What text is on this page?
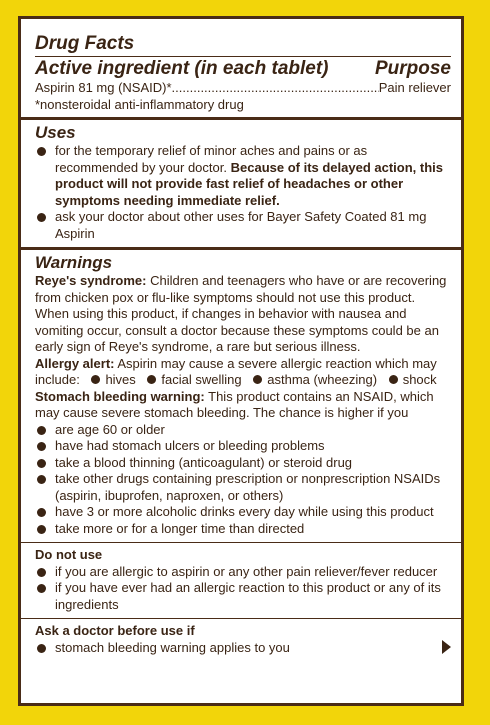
Drug Facts
Active ingredient (in each tablet) Purpose
Aspirin 81 mg (NSAID)*
.....	Pain reliever
*nonsteroidal anti-inflammatory drug
Uses
for the temporary relief of minor aches and pains or as recommended by your doctor. Because of its delayed action, this product will not provide fast relief of headaches or other symptoms needing immediate relief.
ask your doctor about other uses for Bayer Safety Coated 81 mg Aspirin
Warnings
Reye's syndrome: Children and teenagers who have or are recovering from chicken pox or flu-like symptoms should not use this product. When using this product, if changes in behavior with nausea and vomiting occur, consult a doctor because these symptoms could be an early sign of Reye's syndrome, a rare but serious illness.
Allergy alert: Aspirin may cause a severe allergic reaction which may include: hives facial swelling asthma (wheezing) shock
Stomach bleeding warning: This product contains an NSAID, which may cause severe stomach bleeding. The chance is higher if you
are age 60 or older
have had stomach ulcers or bleeding problems
take a blood thinning (anticoagulant) or steroid drug
take other drugs containing prescription or nonprescription NSAIDs (aspirin, ibuprofen, naproxen, or others)
have 3 or more alcoholic drinks every day while using this product
take more or for a longer time than directed
Do not use
if you are allergic to aspirin or any other pain reliever/fever reducer
if you have ever had an allergic reaction to this product or any of its ingredients
Ask a doctor before use if
stomach bleeding warning applies to you
